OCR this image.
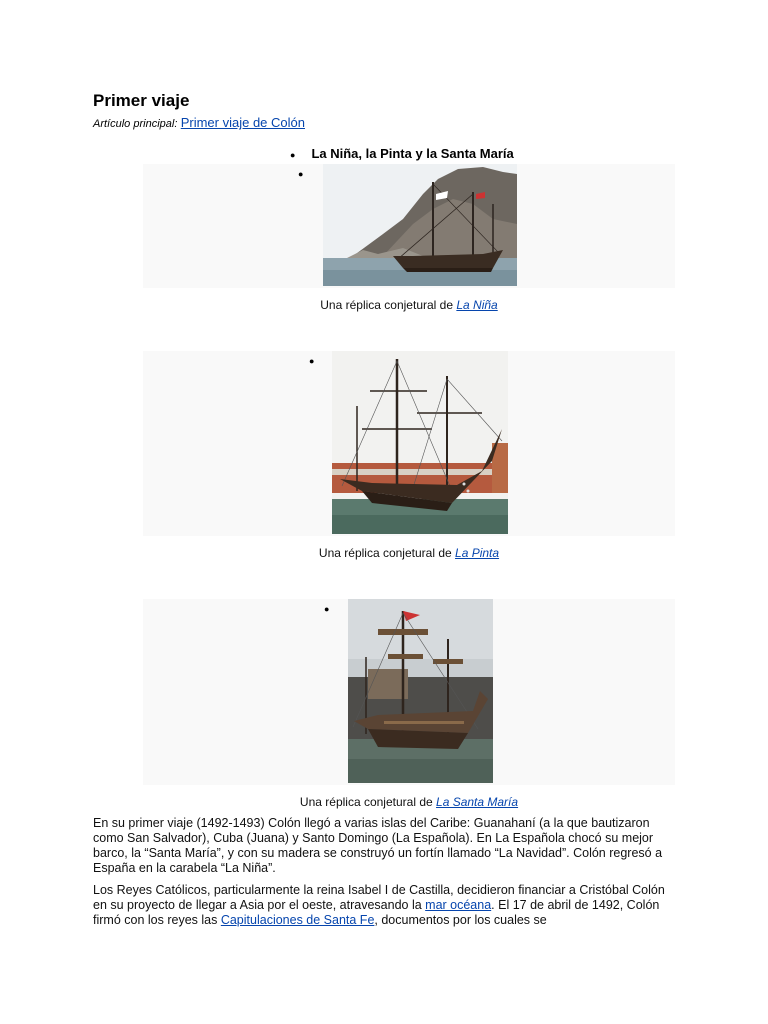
Primer viaje
Artículo principal: Primer viaje de Colón
● La Niña, la Pinta y la Santa María
●
Una réplica conjetural de La Niña
●
Una réplica conjetural de La Pinta
●
Una réplica conjetural de La Santa María

En su primer viaje (1492-1493) Colón llegó a varias islas del Caribe: Guanahaní (a la que bautizaron como San Salvador), Cuba (Juana) y Santo Domingo (La Española). En La Española chocó su mejor barco, la “Santa María”, y con su madera se construyó un fortín llamado “La Navidad”. Colón regresó a España en la carabela “La Niña”.

Los Reyes Católicos, particularmente la reina Isabel I de Castilla, decidieron financiar a Cristóbal Colón en su proyecto de llegar a Asia por el oeste, atravesando la mar océana. El 17 de abril de 1492, Colón firmó con los reyes las Capitulaciones de Santa Fe, documentos por los cuales se
